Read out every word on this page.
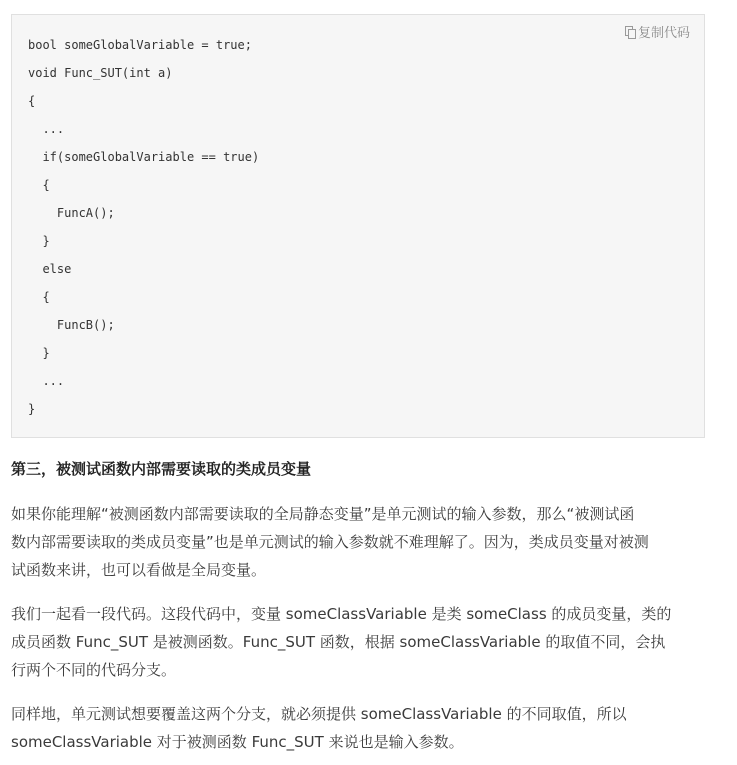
复制代码
bool someGlobalVariable = true;
void Func_SUT(int a)
{
...
if(someGlobalVariable == true)
{
FuncA();
}
else
{
FuncB();
}
...
}
第三，被测试函数内部需要读取的类成员变量

如果你能理解“被测函数内部需要读取的全局静态变量”是单元测试的输入参数，那么“被测试函
数内部需要读取的类成员变量”也是单元测试的输入参数就不难理解了。因为，类成员变量对被测
试函数来讲，也可以看做是全局变量。

我们一起看一段代码。这段代码中，变量 someClassVariable 是类 someClass 的成员变量，类的
成员函数 Func_SUT 是被测函数。Func_SUT 函数，根据 someClassVariable 的取值不同，会执
行两个不同的代码分支。

同样地，单元测试想要覆盖这两个分支，就必须提供 someClassVariable 的不同取值，所以
someClassVariable 对于被测函数 Func_SUT 来说也是输入参数。
